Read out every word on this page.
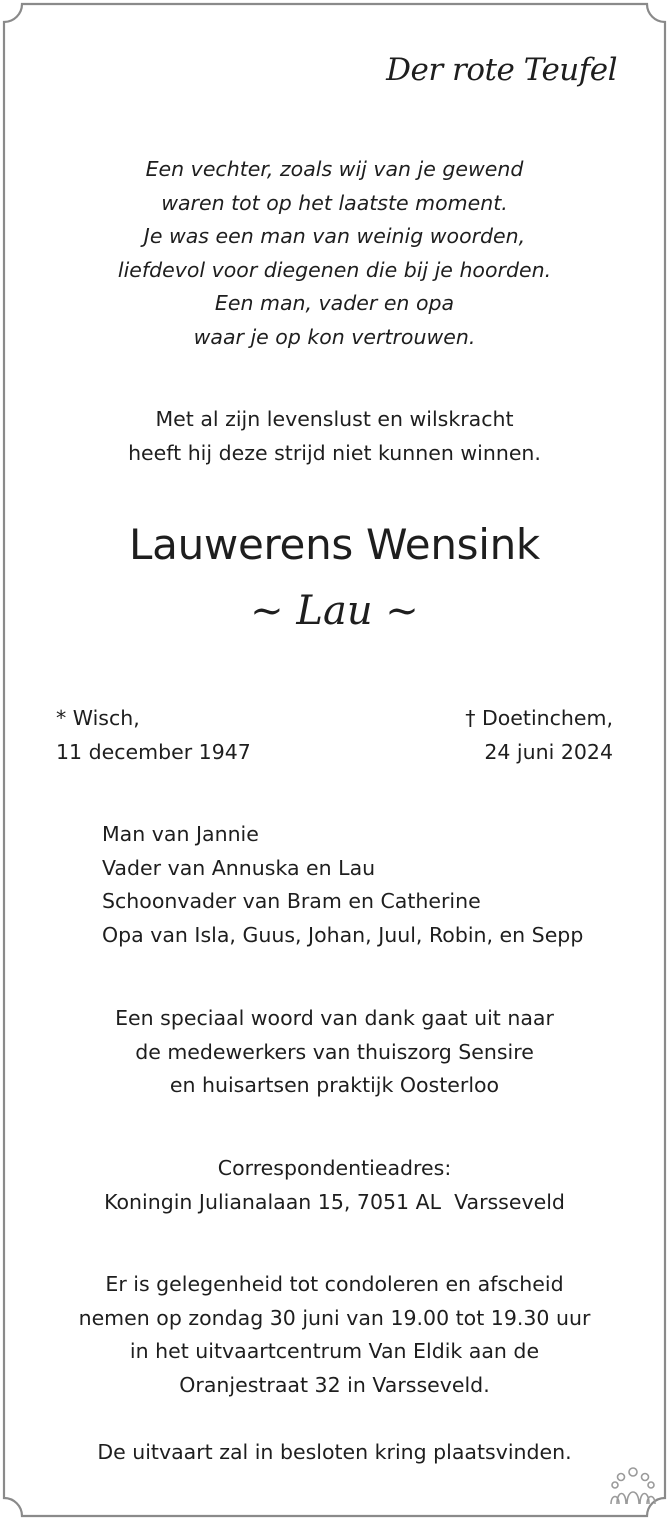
Der rote Teufel
Een vechter, zoals wij van je gewend
waren tot op het laatste moment.
Je was een man van weinig woorden,
liefdevol voor diegenen die bij je hoorden.
Een man, vader en opa
waar je op kon vertrouwen.
Met al zijn levenslust en wilskracht
heeft hij deze strijd niet kunnen winnen.
Lauwerens Wensink
~ Lau ~
* Wisch,
11 december 1947
† Doetinchem,
24 juni 2024
Man van Jannie
Vader van Annuska en Lau
Schoonvader van Bram en Catherine
Opa van Isla, Guus, Johan, Juul, Robin, en Sepp
Een speciaal woord van dank gaat uit naar
de medewerkers van thuiszorg Sensire
en huisartsen praktijk Oosterloo
Correspondentieadres:
Koningin Julianalaan 15, 7051 AL  Varsseveld
Er is gelegenheid tot condoleren en afscheid
nemen op zondag 30 juni van 19.00 tot 19.30 uur
in het uitvaartcentrum Van Eldik aan de
Oranjestraat 32 in Varsseveld.
De uitvaart zal in besloten kring plaatsvinden.
